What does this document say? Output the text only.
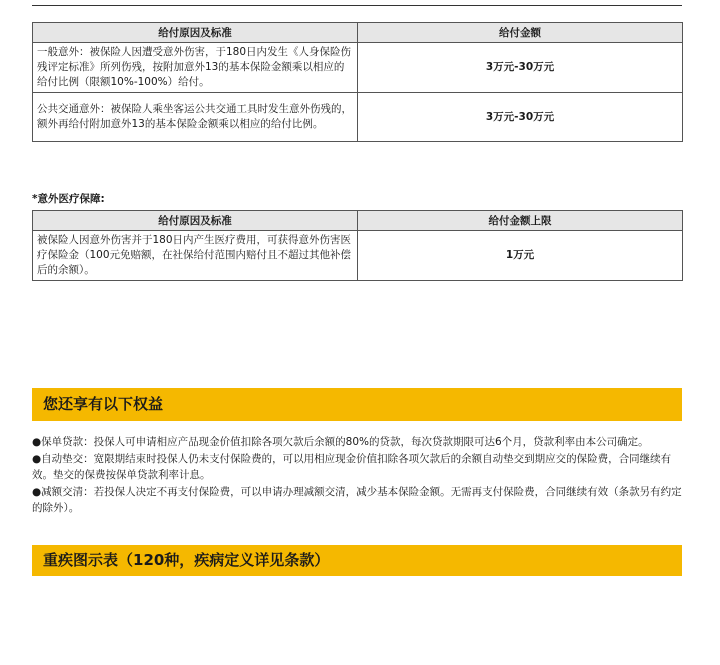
给付原因及标准	给付金额
一般意外：被保险人因遭受意外伤害，于180日内发生《人身保险伤残评定标准》所列伤残，按附加意外13的基本保险金额乘以相应的给付比例（限额10%-100%）给付。	3万元-30万元
公共交通意外：被保险人乘坐客运公共交通工具时发生意外伤残的，额外再给付附加意外13的基本保险金额乘以相应的给付比例。	3万元-30万元
*意外医疗保障:
给付原因及标准	给付金额上限
被保险人因意外伤害并于180日内产生医疗费用，可获得意外伤害医疗保险金（100元免赔额，在社保给付范围内赔付且不超过其他补偿后的余额）。	1万元
您还享有以下权益

●保单贷款：投保人可申请相应产品现金价值扣除各项欠款后余额的80%的贷款，每次贷款期限可达6个月，贷款利率由本公司确定。

●自动垫交：宽限期结束时投保人仍未支付保险费的，可以用相应现金价值扣除各项欠款后的余额自动垫交到期应交的保险费，合同继续有效。垫交的保费按保单贷款利率计息。

●减额交清：若投保人决定不再支付保险费，可以申请办理减额交清，减少基本保险金额。无需再支付保险费，合同继续有效（条款另有约定的除外）。

重疾图示表（120种，疾病定义详见条款）
